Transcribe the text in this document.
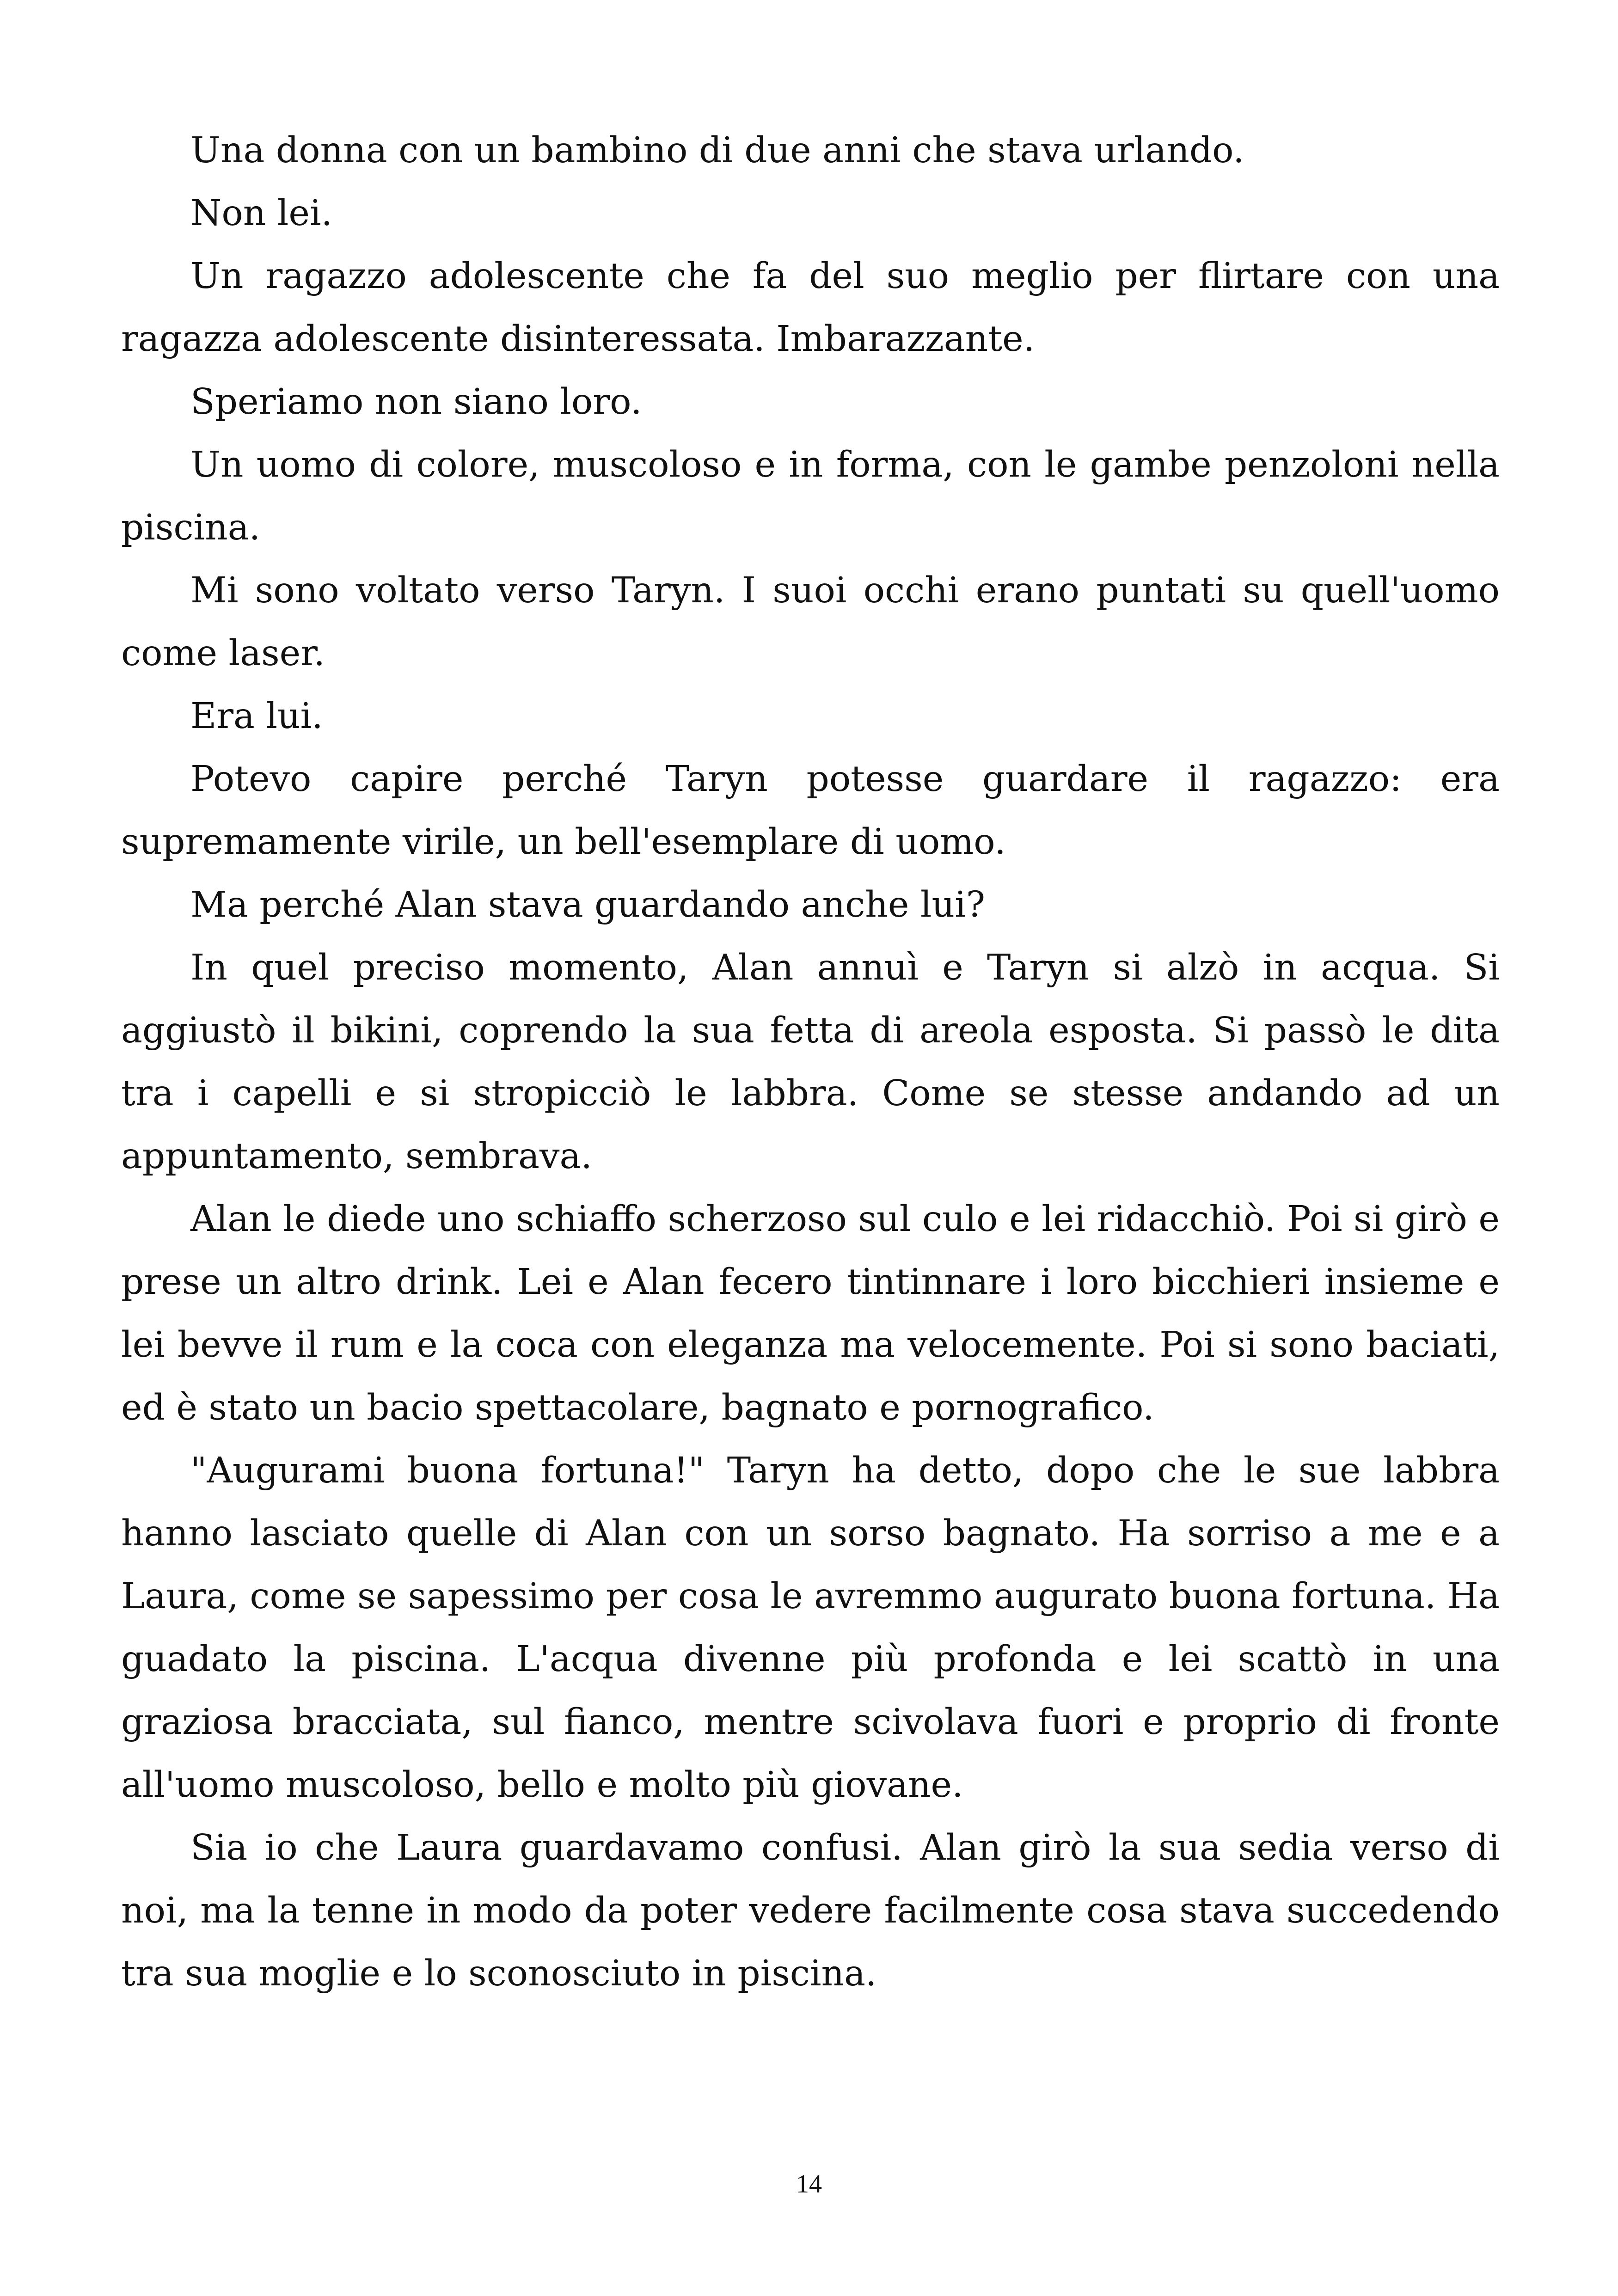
Una donna con un bambino di due anni che stava urlando.

Non lei.

Un ragazzo adolescente che fa del suo meglio per flirtare con una ragazza adolescente disinteressata. Imbarazzante.

Speriamo non siano loro.

Un uomo di colore, muscoloso e in forma, con le gambe penzoloni nella piscina.

Mi sono voltato verso Taryn. I suoi occhi erano puntati su quell'uomo come laser.

Era lui.

Potevo capire perché Taryn potesse guardare il ragazzo: era supremamente virile, un bell'esemplare di uomo.

Ma perché Alan stava guardando anche lui?

In quel preciso momento, Alan annuì e Taryn si alzò in acqua. Si aggiustò il bikini, coprendo la sua fetta di areola esposta. Si passò le dita tra i capelli e si stropicciò le labbra. Come se stesse andando ad un appuntamento, sembrava.

Alan le diede uno schiaffo scherzoso sul culo e lei ridacchiò. Poi si girò e prese un altro drink. Lei e Alan fecero tintinnare i loro bicchieri insieme e lei bevve il rum e la coca con eleganza ma velocemente. Poi si sono baciati, ed è stato un bacio spettacolare, bagnato e pornografico.

"Augurami buona fortuna!" Taryn ha detto, dopo che le sue labbra hanno lasciato quelle di Alan con un sorso bagnato. Ha sorriso a me e a Laura, come se sapessimo per cosa le avremmo augurato buona fortuna. Ha guadato la piscina. L'acqua divenne più profonda e lei scattò in una graziosa bracciata, sul fianco, mentre scivolava fuori e proprio di fronte all'uomo muscoloso, bello e molto più giovane.

Sia io che Laura guardavamo confusi. Alan girò la sua sedia verso di noi, ma la tenne in modo da poter vedere facilmente cosa stava succedendo tra sua moglie e lo sconosciuto in piscina.

14
